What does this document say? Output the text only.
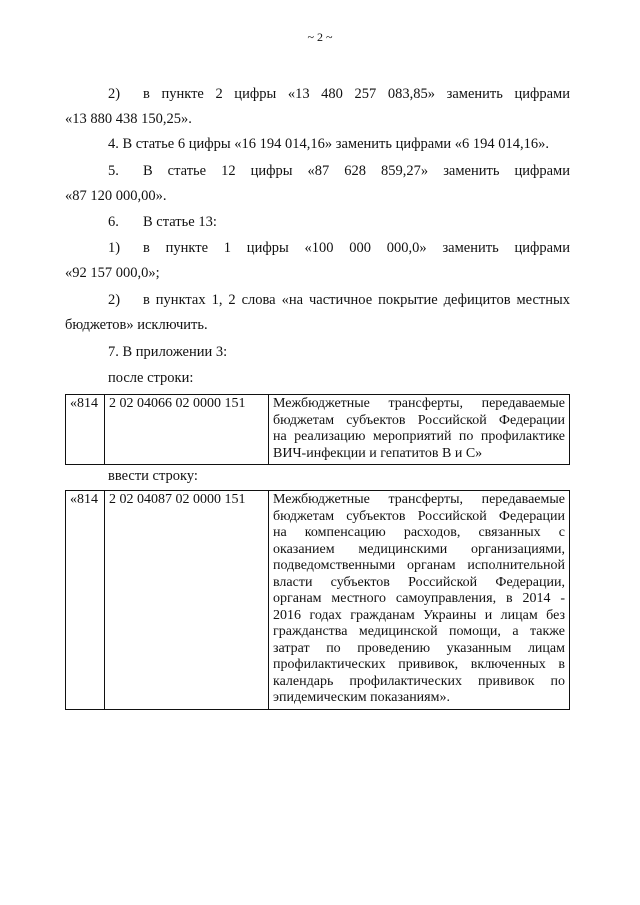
~ 2 ~
2) в пункте 2 цифры «13 480 257 083,85» заменить цифрами
«13 880 438 150,25».
4. В статье 6 цифры «16 194 014,16» заменить цифрами «6 194 014,16».
5. В статье 12 цифры «87 628 859,27» заменить цифрами
«87 120 000,00».
6. В статье 13:
1) в пункте 1 цифры «100 000 000,0» заменить цифрами
«92 157 000,0»;
2) в пунктах 1, 2 слова «на частичное покрытие дефицитов местных
бюджетов» исключить.
7. В приложении 3:
после строки:
«814	2 02 04066 02 0000 151	Межбюджетные трансферты, передаваемые
бюджетам субъектов Российской Федерации
на реализацию мероприятий по профилактике
ВИЧ-инфекции и гепатитов В и С»
ввести строку:
«814	2 02 04087 02 0000 151	Межбюджетные трансферты, передаваемые
бюджетам субъектов Российской Федерации
на компенсацию расходов, связанных с
оказанием медицинскими организациями,
подведомственными органам исполнительной
власти субъектов Российской Федерации,
органам местного самоуправления, в 2014 -
2016 годах гражданам Украины и лицам без
гражданства медицинской помощи, а также
затрат по проведению указанным лицам
профилактических прививок, включенных в
календарь профилактических прививок по
эпидемическим показаниям».
